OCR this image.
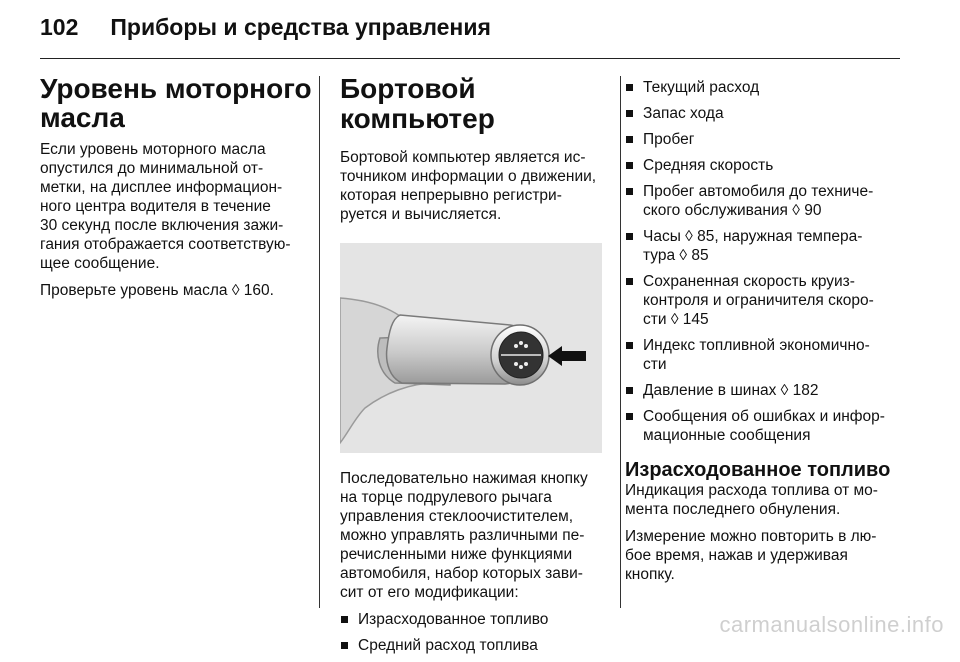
102 Приборы и средства управления
Уровень моторного
масла

Если уровень моторного масла
опустился до минимальной от-
метки, на дисплее информацион-
ного центра водителя в течение
30 секунд после включения зажи-
гания отображается соответствую-
щее сообщение.

Проверьте уровень масла ◊ 160.

Бортовой компьютер

Бортовой компьютер является ис-
точником информации о движении,
которая непрерывно регистри-
руется и вычисляется.

Последовательно нажимая кнопку
на торце подрулевого рычага
управления стеклоочистителем,
можно управлять различными пе-
речисленными ниже функциями
автомобиля, набор которых зави-
сит от его модификации:

Израсходованное топливо
Средний расход топлива
Текущий расход
Запас хода
Пробег
Средняя скорость
Пробег автомобиля до техниче-
ского обслуживания ◊ 90
Часы ◊ 85, наружная темпера-
тура ◊ 85
Сохраненная скорость круиз-
контроля и ограничителя скоро-
сти ◊ 145
Индекс топливной экономично-
сти
Давление в шинах ◊ 182
Сообщения об ошибках и инфор-
мационные сообщения
Израсходованное топливо

Индикация расхода топлива от мо-
мента последнего обнуления.

Измерение можно повторить в лю-
бое время, нажав и удерживая
кнопку.

carmanualsonline.info
